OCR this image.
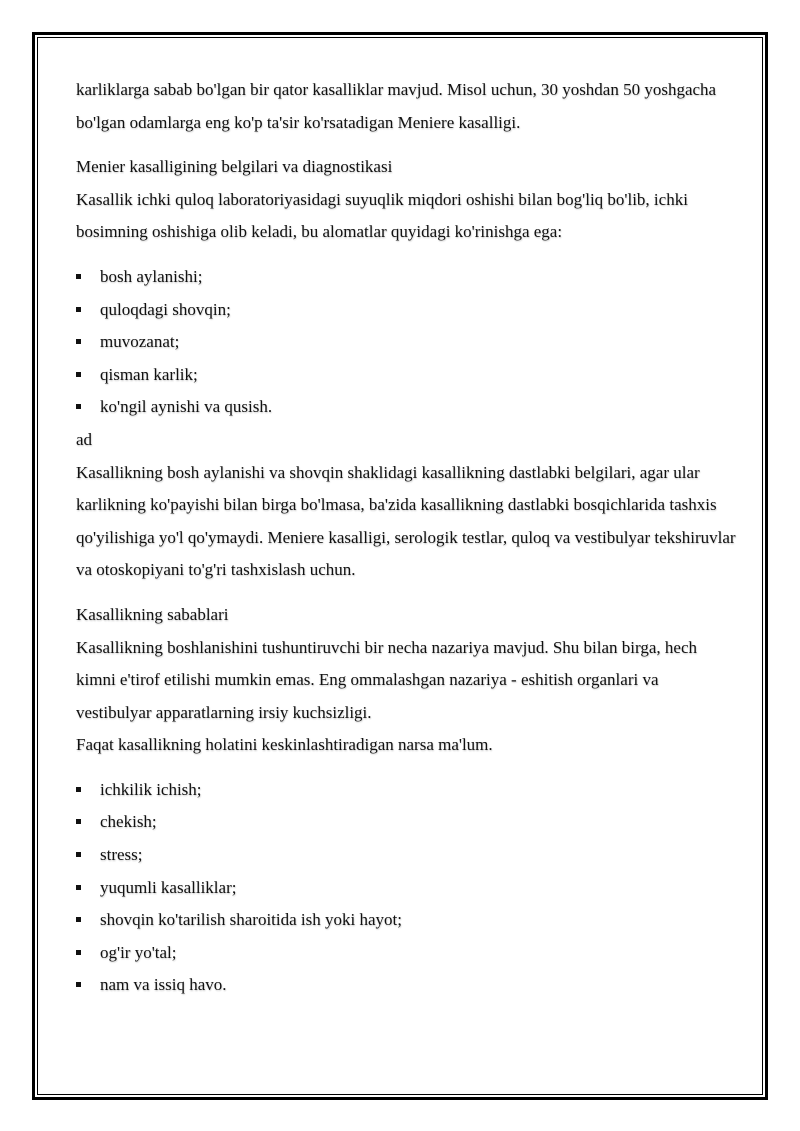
karliklarga sabab bo'lgan bir qator kasalliklar mavjud. Misol uchun, 30 yoshdan 50 yoshgacha bo'lgan odamlarga eng ko'p ta'sir ko'rsatadigan Meniere kasalligi.

Menier kasalligining belgilari va diagnostikasi

Kasallik ichki quloq laboratoriyasidagi suyuqlik miqdori oshishi bilan bog'liq bo'lib, ichki bosimning oshishiga olib keladi, bu alomatlar quyidagi ko'rinishga ega:

bosh aylanishi;
quloqdagi shovqin;
muvozanat;
qisman karlik;
ko'ngil aynishi va qusish.

ad

Kasallikning bosh aylanishi va shovqin shaklidagi kasallikning dastlabki belgilari, agar ular karlikning ko'payishi bilan birga bo'lmasa, ba'zida kasallikning dastlabki bosqichlarida tashxis qo'yilishiga yo'l qo'ymaydi. Meniere kasalligi, serologik testlar, quloq va vestibulyar tekshiruvlar va otoskopiyani to'g'ri tashxislash uchun.

Kasallikning sabablari

Kasallikning boshlanishini tushuntiruvchi bir necha nazariya mavjud. Shu bilan birga, hech kimni e'tirof etilishi mumkin emas. Eng ommalashgan nazariya - eshitish organlari va vestibulyar apparatlarning irsiy kuchsizligi.

Faqat kasallikning holatini keskinlashtiradigan narsa ma'lum.

ichkilik ichish;
chekish;
stress;
yuqumli kasalliklar;
shovqin ko'tarilish sharoitida ish yoki hayot;
og'ir yo'tal;
nam va issiq havo.
